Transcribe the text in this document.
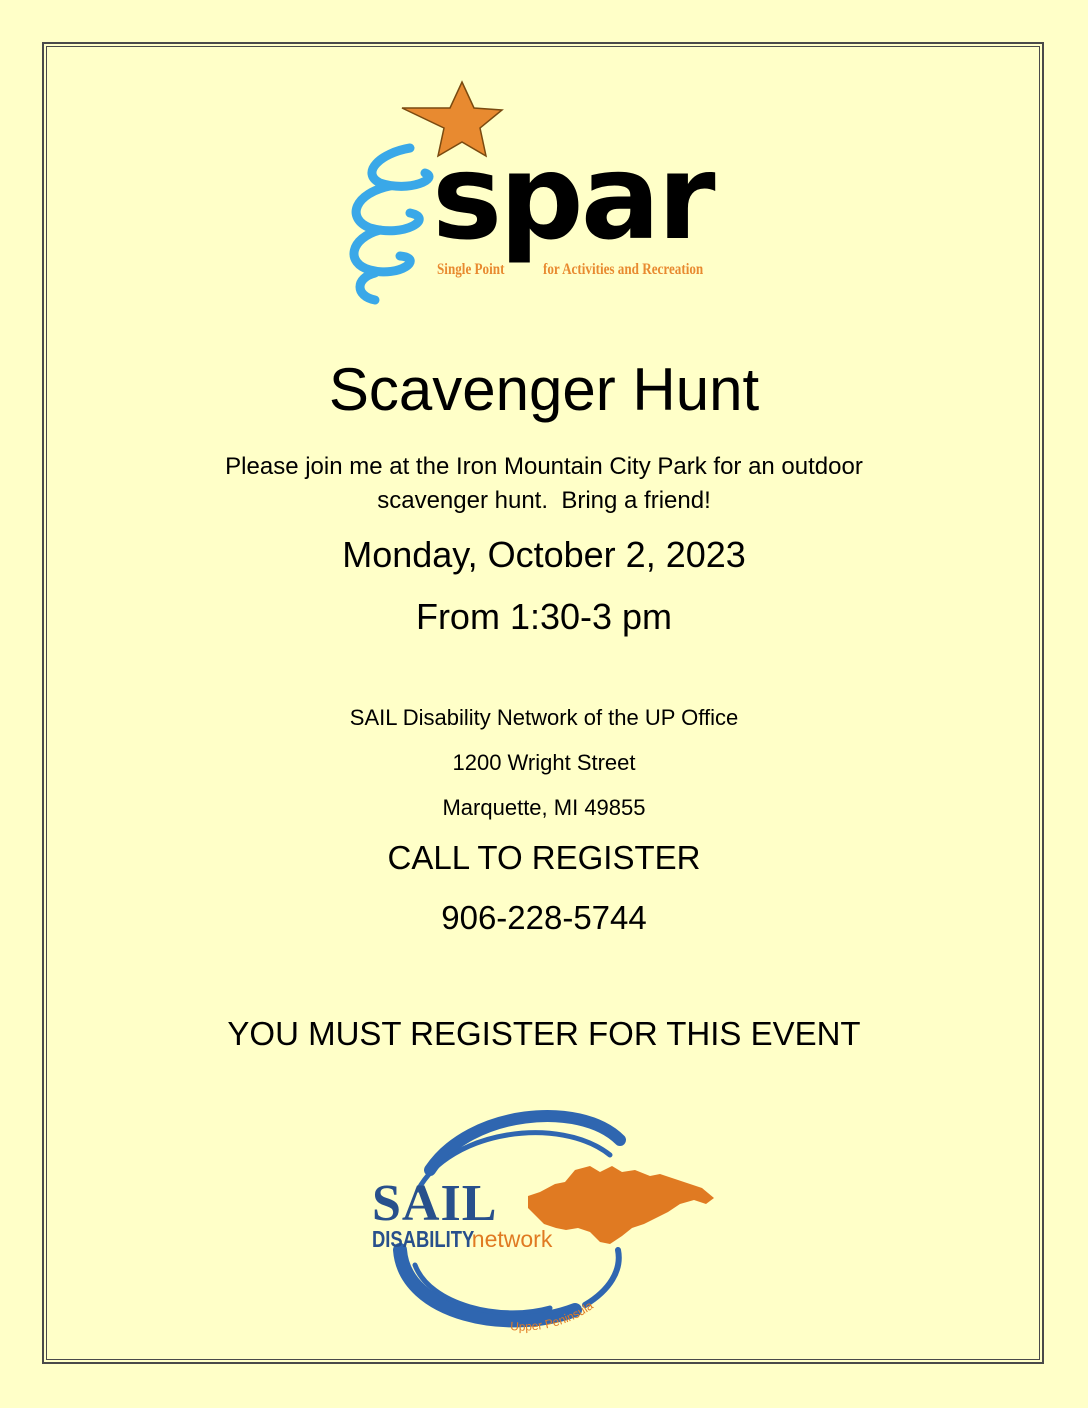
spar
Single Point for Activities and Recreation
Scavenger Hunt
Please join me at the Iron Mountain City Park for an outdoor
scavenger hunt.  Bring a friend!
Monday, October 2, 2023
From 1:30-3 pm
SAIL Disability Network of the UP Office
1200 Wright Street
Marquette, MI 49855
CALL TO REGISTER
906-228-5744
YOU MUST REGISTER FOR THIS EVENT
SAIL
DISABILITYnetwork
Upper Peninsula
